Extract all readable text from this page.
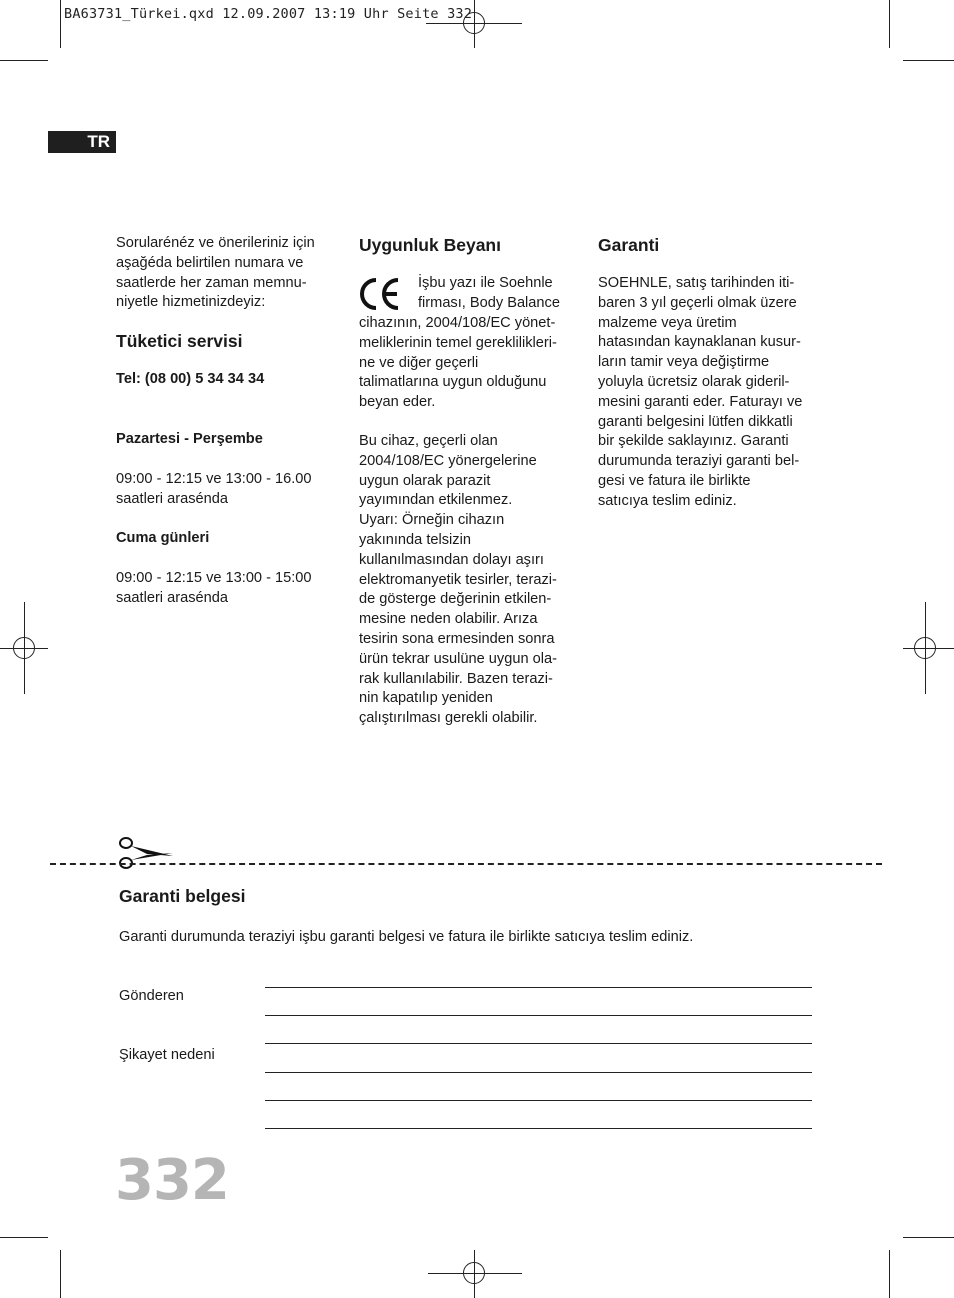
BA63731_Türkei.qxd 12.09.2007 13:19 Uhr Seite 332
TR

Sorularénéz ve önerileriniz için
aşağéda belirtilen numara ve
saatlerde her zaman memnu-
niyetle hizmetinizdeyiz:

Tüketici servisi

Tel: (08 00) 5 34 34 34

Pazartesi - Perşembe

09:00 - 12:15 ve 13:00 - 16.00
saatleri arasénda

Cuma günleri

09:00 - 12:15 ve 13:00 - 15:00
saatleri arasénda

Uygunluk Beyanı

İşbu yazı ile Soehnle
firması, Body Balance

cihazının, 2004/108/EC yönet-
meliklerinin temel gereklilikleri-
ne ve diğer geçerli
talimatlarına uygun olduğunu
beyan eder.

Bu cihaz, geçerli olan
2004/108/EC yönergelerine
uygun olarak parazit
yayımından etkilenmez.
Uyarı: Örneğin cihazın
yakınında telsizin
kullanılmasından dolayı aşırı
elektromanyetik tesirler, terazi-
de gösterge değerinin etkilen-
mesine neden olabilir. Arıza
tesirin sona ermesinden sonra
ürün tekrar usulüne uygun ola-
rak kullanılabilir. Bazen terazi-
nin kapatılıp yeniden
çalıştırılması gerekli olabilir.

Garanti

SOEHNLE, satış tarihinden iti-
baren 3 yıl geçerli olmak üzere
malzeme veya üretim
hatasından kaynaklanan kusur-
ların tamir veya değiştirme
yoluyla ücretsiz olarak gideril-
mesini garanti eder. Faturayı ve
garanti belgesini lütfen dikkatli
bir şekilde saklayınız. Garanti
durumunda teraziyi garanti bel-
gesi ve fatura ile birlikte
satıcıya teslim ediniz.

Garanti belgesi
Garanti durumunda teraziyi işbu garanti belgesi ve fatura ile birlikte satıcıya teslim ediniz.
Gönderen
Şikayet nedeni
332
